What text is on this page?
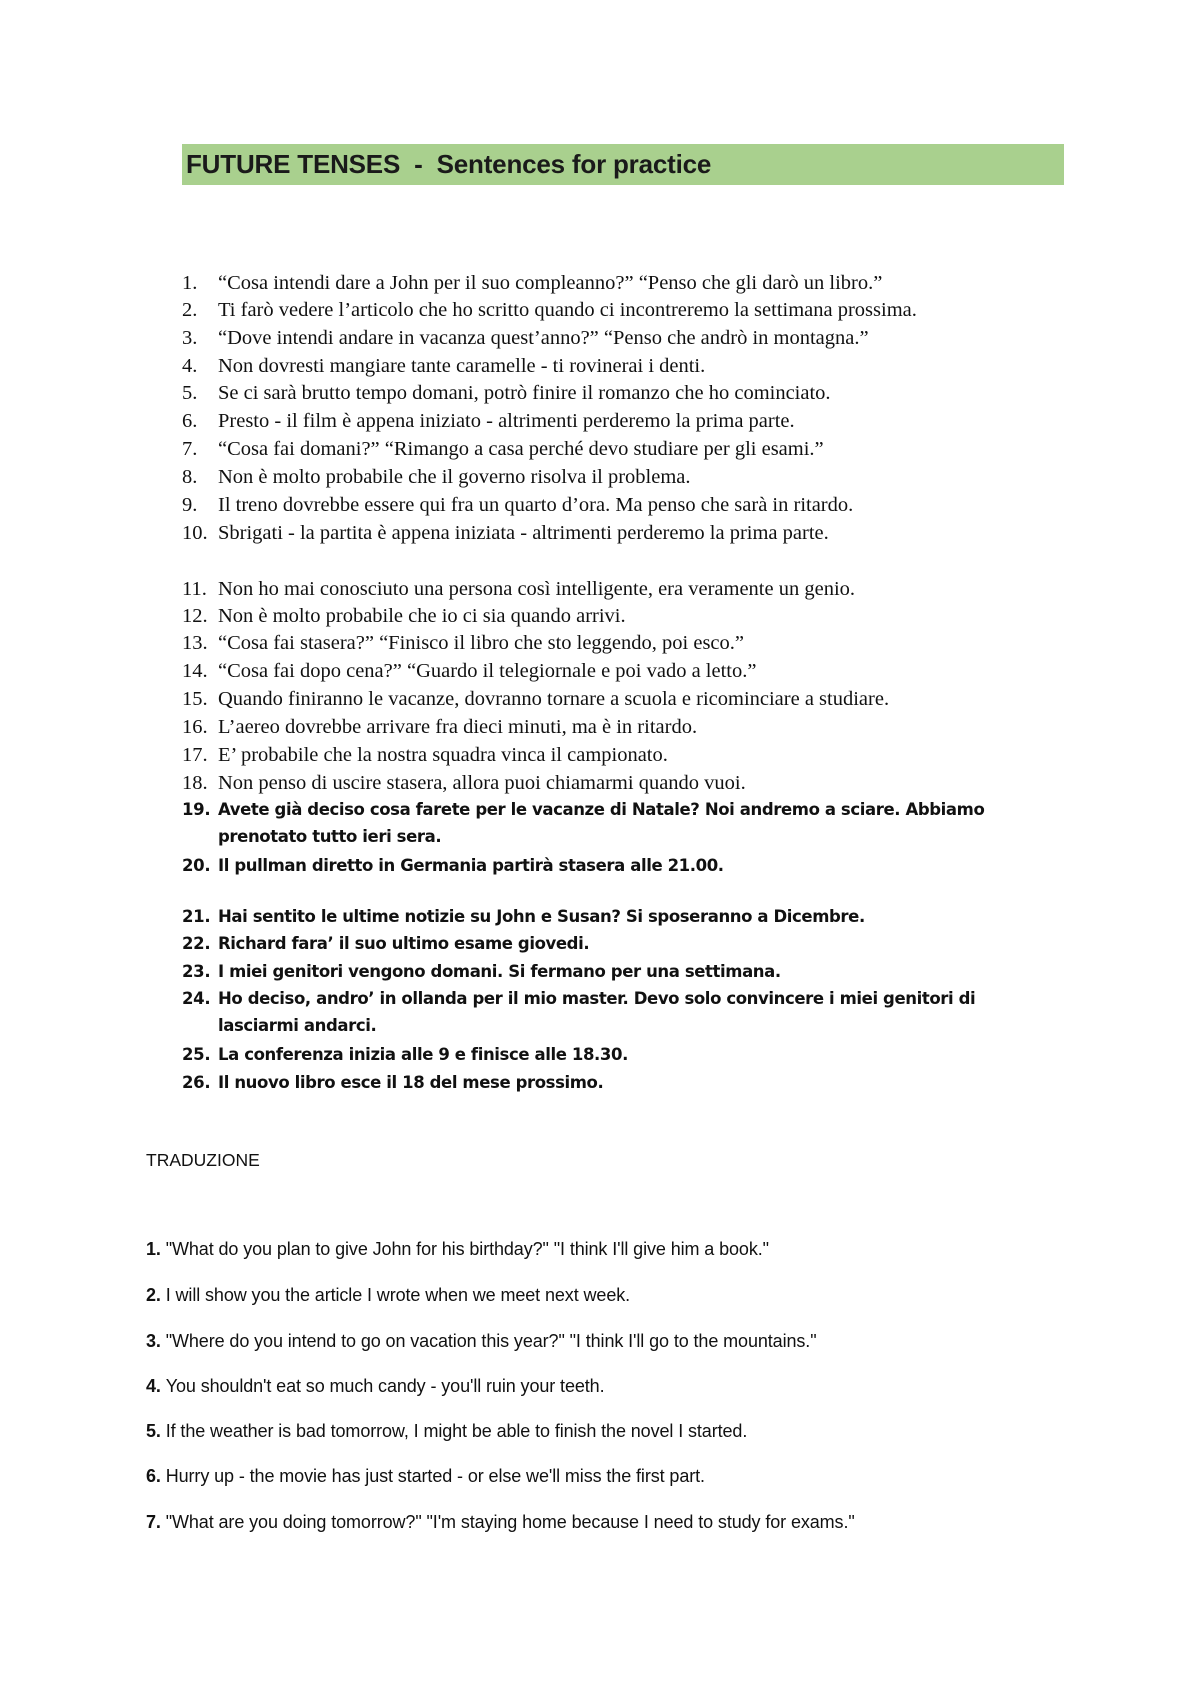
FUTURE TENSES  -  Sentences for practice
1. “Cosa intendi dare a John per il suo compleanno?” “Penso che gli darò un libro.”
2. Ti farò vedere l’articolo che ho scritto quando ci incontreremo la settimana prossima.
3. “Dove intendi andare in vacanza quest’anno?” “Penso che andrò in montagna.”
4. Non dovresti mangiare tante caramelle - ti rovinerai i denti.
5. Se ci sarà brutto tempo domani, potrò finire il romanzo che ho cominciato.
6. Presto - il film è appena iniziato - altrimenti perderemo la prima parte.
7. “Cosa fai domani?” “Rimango a casa perché devo studiare per gli esami.”
8. Non è molto probabile che il governo risolva il problema.
9. Il treno dovrebbe essere qui fra un quarto d’ora. Ma penso che sarà in ritardo.
10. Sbrigati - la partita è appena iniziata - altrimenti perderemo la prima parte.
11. Non ho mai conosciuto una persona così intelligente, era veramente un genio.
12. Non è molto probabile che io ci sia quando arrivi.
13. “Cosa fai stasera?” “Finisco il libro che sto leggendo, poi esco.”
14. “Cosa fai dopo cena?” “Guardo il telegiornale e poi vado a letto.”
15. Quando finiranno le vacanze, dovranno tornare a scuola e ricominciare a studiare.
16. L’aereo dovrebbe arrivare fra dieci minuti, ma è in ritardo.
17. E’ probabile che la nostra squadra vinca il campionato.
18. Non penso di uscire stasera, allora puoi chiamarmi quando vuoi.
19. Avete già deciso cosa farete per le vacanze di Natale? Noi andremo a sciare. Abbiamo
prenotato tutto ieri sera.
20. Il pullman diretto in Germania partirà stasera alle 21.00.
21. Hai sentito le ultime notizie su John e Susan? Si sposeranno a Dicembre.
22. Richard fara’ il suo ultimo esame giovedi.
23. I miei genitori vengono domani. Si fermano per una settimana.
24. Ho deciso, andro’ in ollanda per il mio master. Devo solo convincere i miei genitori di
lasciarmi andarci.
25. La conferenza inizia alle 9 e finisce alle 18.30.
26. Il nuovo libro esce il 18 del mese prossimo.
TRADUZIONE
1. "What do you plan to give John for his birthday?" "I think I'll give him a book."
2. I will show you the article I wrote when we meet next week.
3. "Where do you intend to go on vacation this year?" "I think I'll go to the mountains."
4. You shouldn't eat so much candy - you'll ruin your teeth.
5. If the weather is bad tomorrow, I might be able to finish the novel I started.
6. Hurry up - the movie has just started - or else we'll miss the first part.
7. "What are you doing tomorrow?" "I'm staying home because I need to study for exams."
